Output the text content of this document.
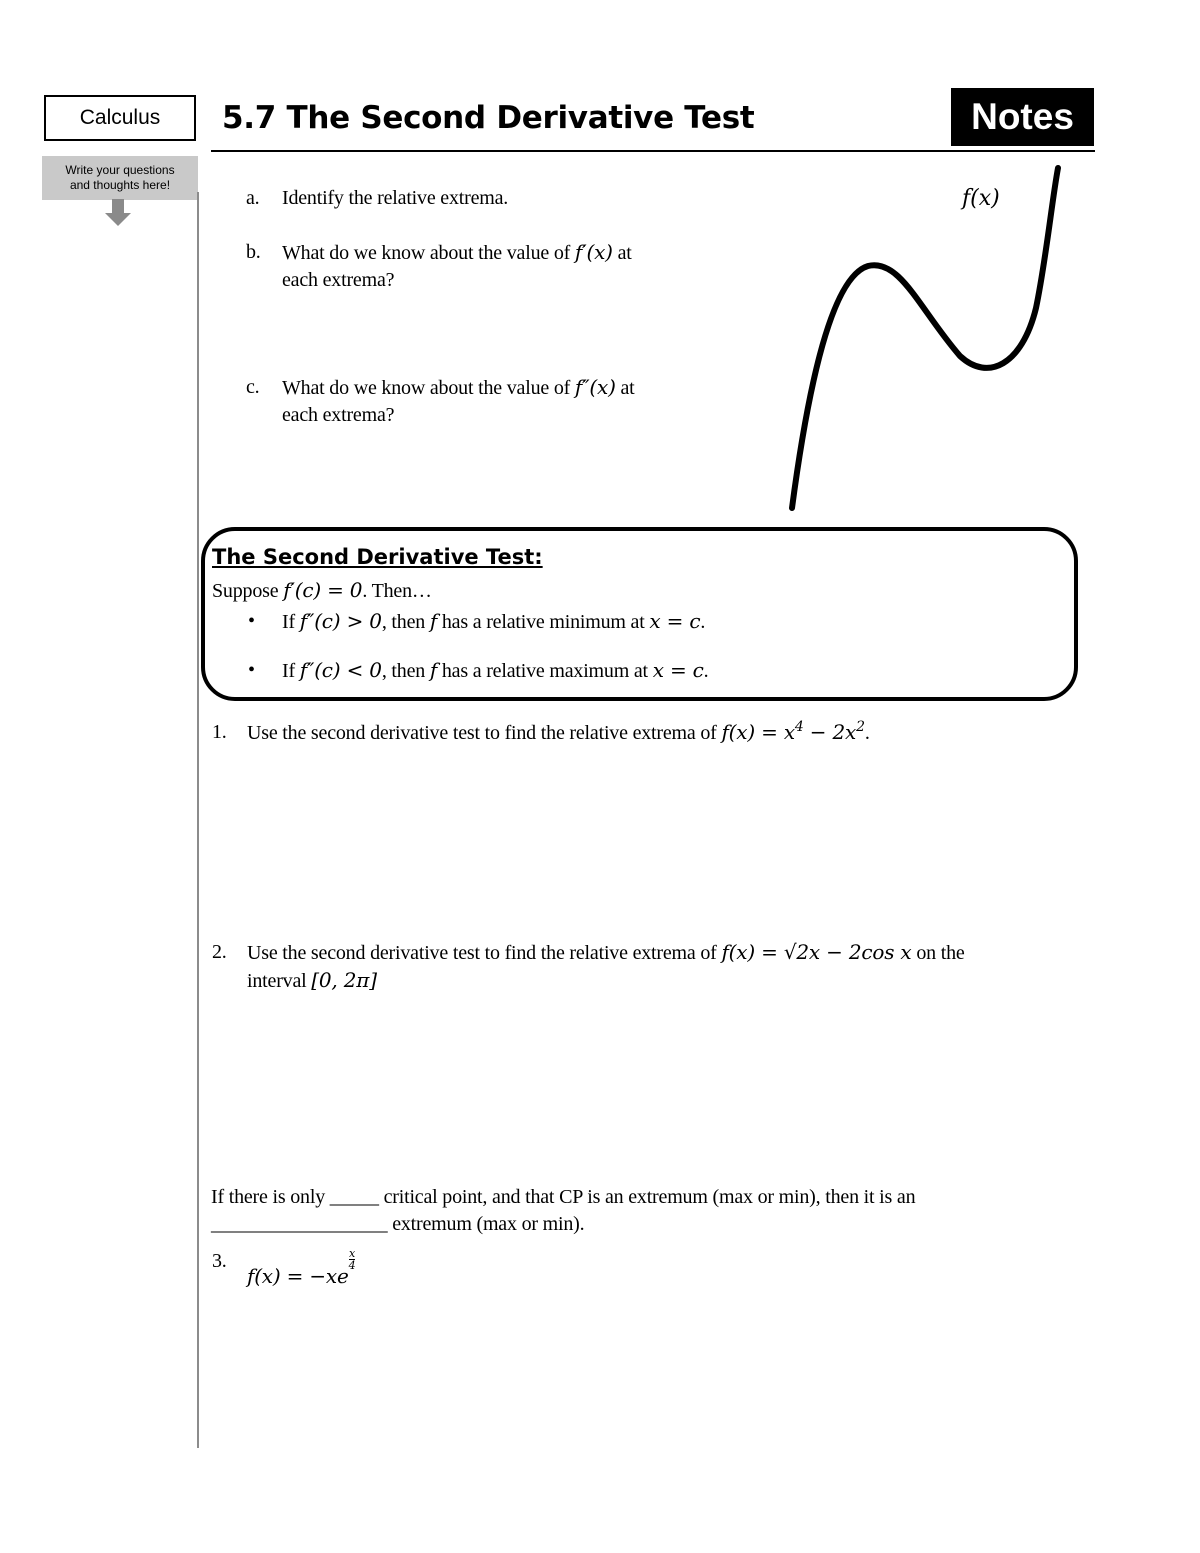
Calculus
Write your questions
and thoughts here!
5.7 The Second Derivative Test	Notes
a. Identify the relative extrema.
b. What do we know about the value of f′(x) at
each extrema?
c. What do we know about the value of f″(x) at
each extrema?
f(x)
The Second Derivative Test:
Suppose f′(c) = 0. Then…
• If f″(c) > 0, then f has a relative minimum at x = c.
• If f″(c) < 0, then f has a relative maximum at x = c.
1. Use the second derivative test to find the relative extrema of $f(x) = x^4 - 2x^2$.
2. Use the second derivative test to find the relative extrema of f(x) = √2x − 2cos x on the
interval [0, 2π]
If there is only _____ critical point, and that CP is an extremum (max or min), then it is an
__________________ extremum (max or min).
3.
f(x) = −xe
$\frac{x}{4}$
